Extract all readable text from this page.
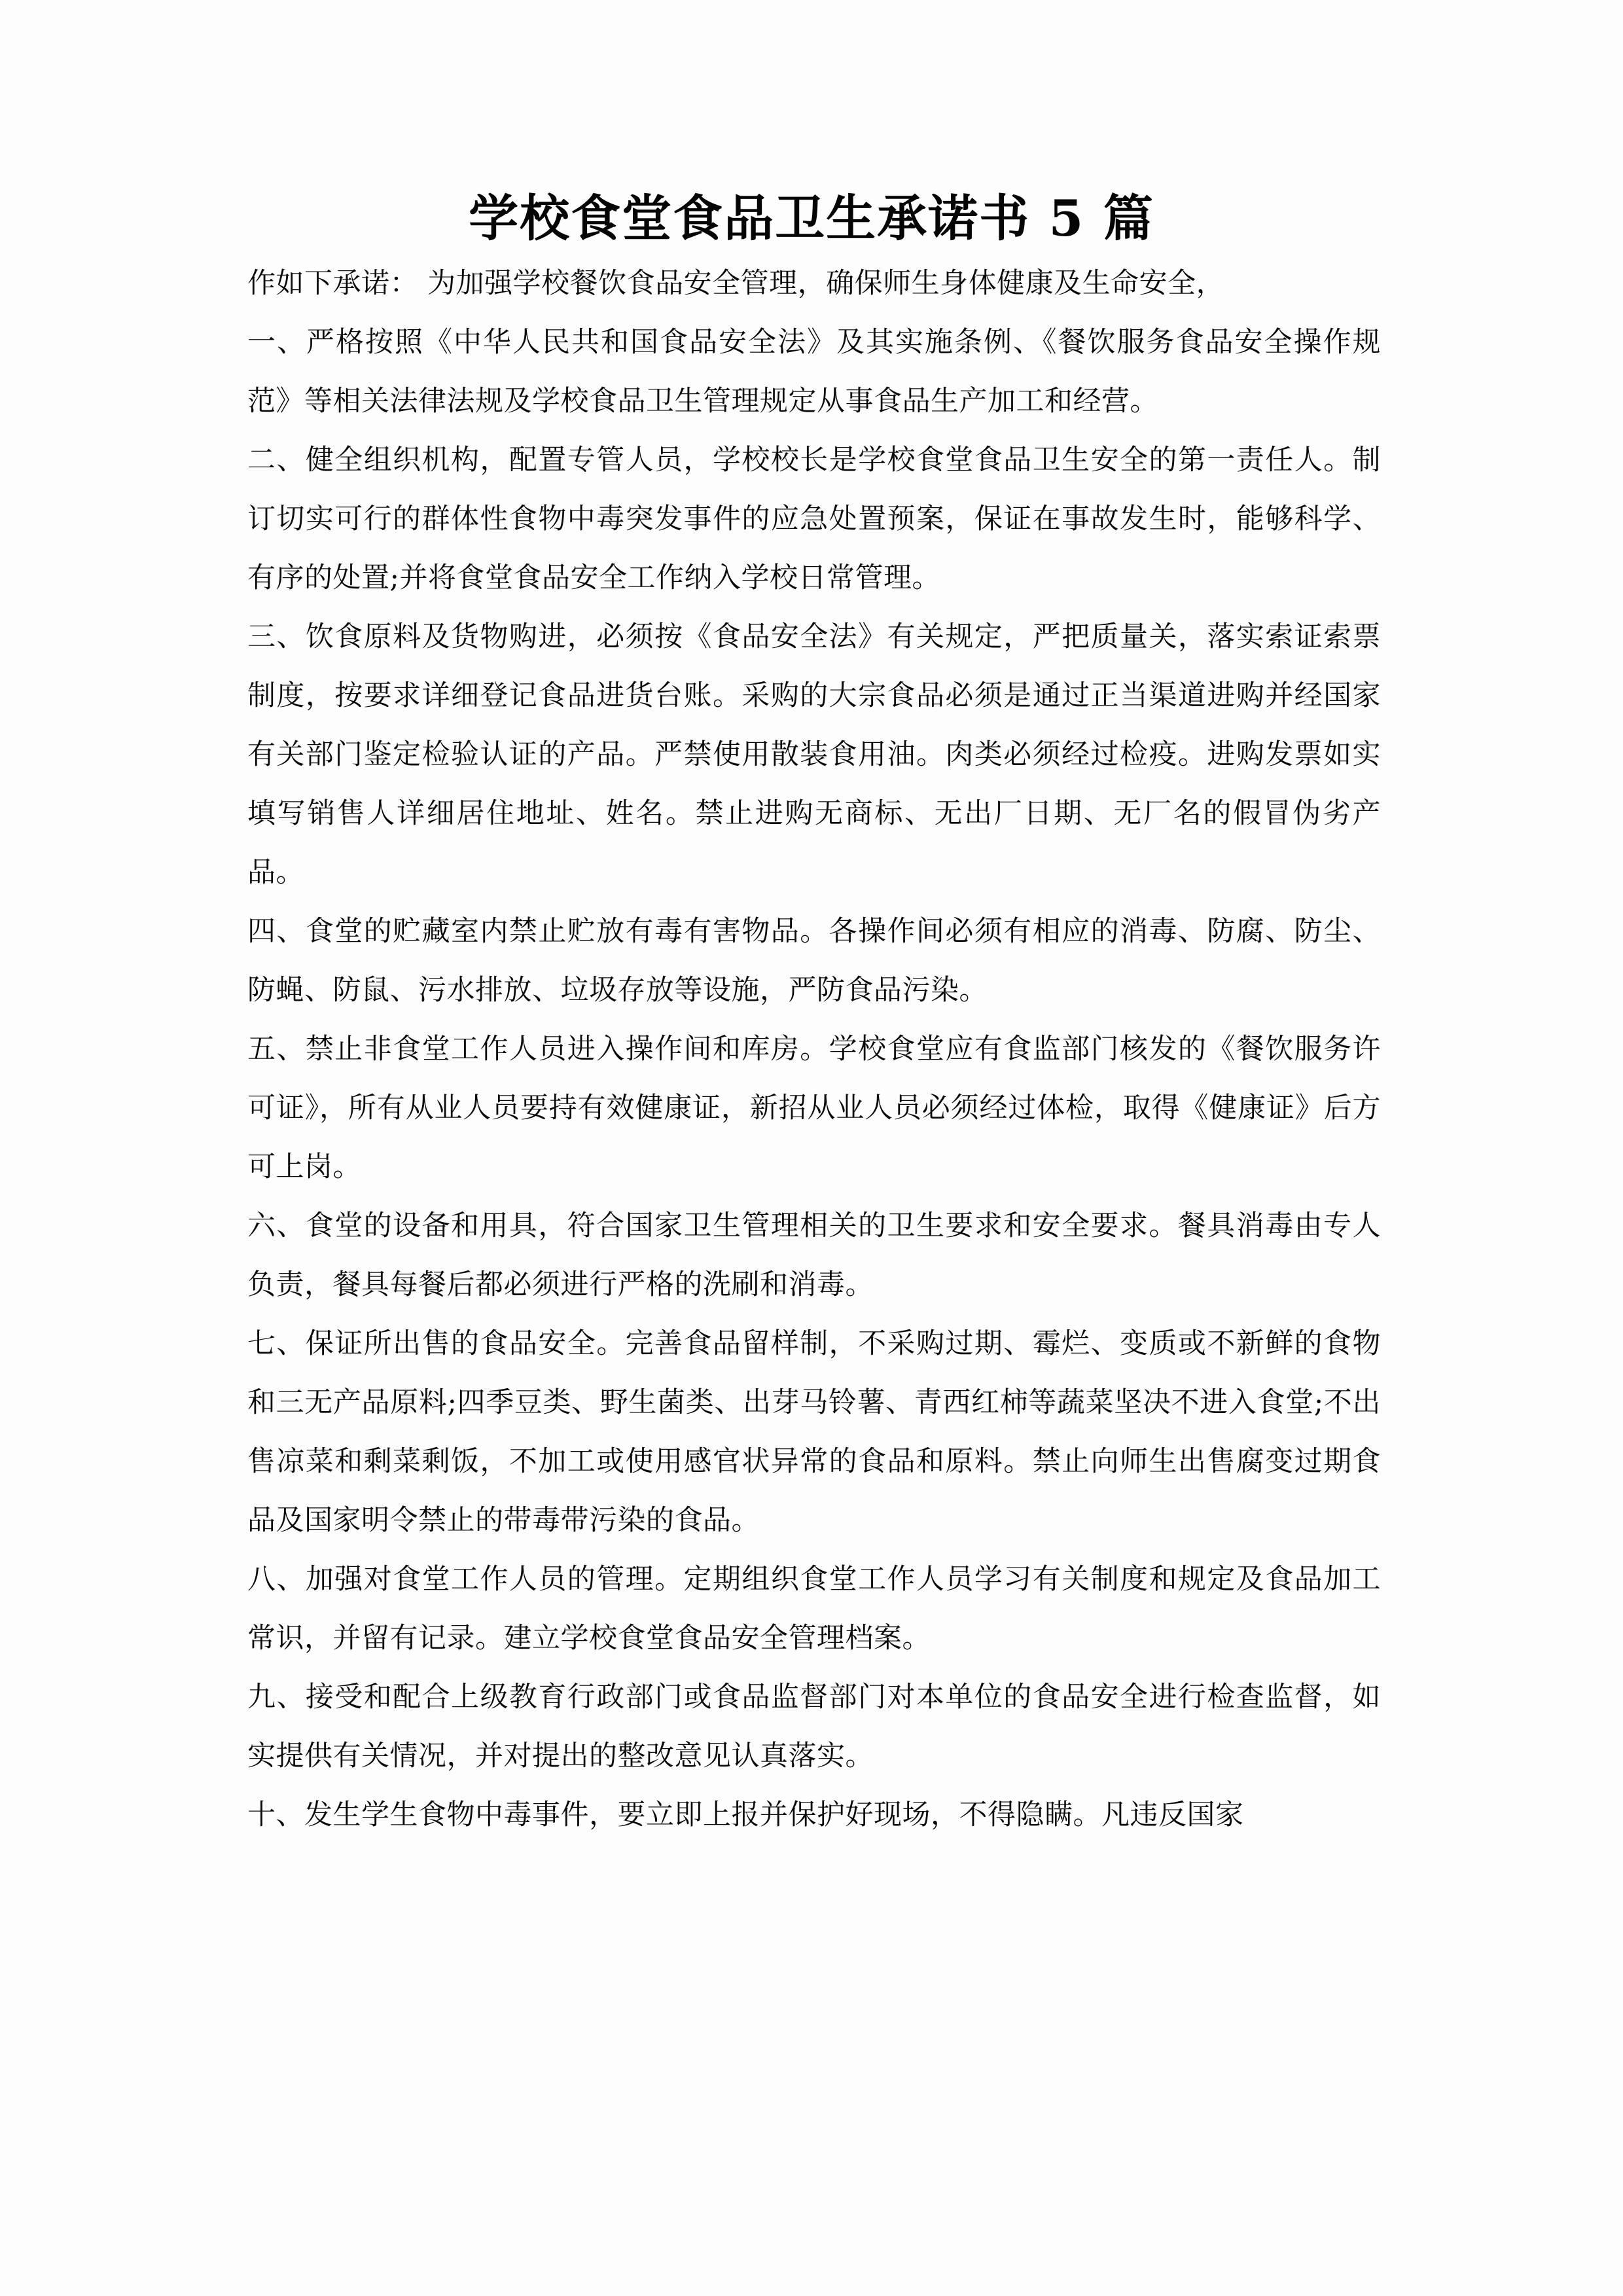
学校食堂食品卫生承诺书 5 篇

作如下承诺： 为加强学校餐饮食品安全管理，确保师生身体健康及生命安全，

一、严格按照《中华人民共和国食品安全法》及其实施条例、《餐饮服务食品安全操作规范》等相关法律法规及学校食品卫生管理规定从事食品生产加工和经营。

二、健全组织机构，配置专管人员，学校校长是学校食堂食品卫生安全的第一责任人。制订切实可行的群体性食物中毒突发事件的应急处置预案，保证在事故发生时，能够科学、有序的处置;并将食堂食品安全工作纳入学校日常管理。

三、饮食原料及货物购进，必须按《食品安全法》有关规定，严把质量关，落实索证索票制度，按要求详细登记食品进货台账。采购的大宗食品必须是通过正当渠道进购并经国家有关部门鉴定检验认证的产品。严禁使用散装食用油。肉类必须经过检疫。进购发票如实填写销售人详细居住地址、姓名。禁止进购无商标、无出厂日期、无厂名的假冒伪劣产品。

四、食堂的贮藏室内禁止贮放有毒有害物品。各操作间必须有相应的消毒、防腐、防尘、防蝇、防鼠、污水排放、垃圾存放等设施，严防食品污染。

五、禁止非食堂工作人员进入操作间和库房。学校食堂应有食监部门核发的《餐饮服务许可证》，所有从业人员要持有效健康证，新招从业人员必须经过体检，取得《健康证》后方可上岗。

六、食堂的设备和用具，符合国家卫生管理相关的卫生要求和安全要求。餐具消毒由专人负责，餐具每餐后都必须进行严格的洗刷和消毒。

七、保证所出售的食品安全。完善食品留样制，不采购过期、霉烂、变质或不新鲜的食物和三无产品原料;四季豆类、野生菌类、出芽马铃薯、青西红柿等蔬菜坚决不进入食堂;不出售凉菜和剩菜剩饭，不加工或使用感官状异常的食品和原料。禁止向师生出售腐变过期食品及国家明令禁止的带毒带污染的食品。

八、加强对食堂工作人员的管理。定期组织食堂工作人员学习有关制度和规定及食品加工常识，并留有记录。建立学校食堂食品安全管理档案。

九、接受和配合上级教育行政部门或食品监督部门对本单位的食品安全进行检查监督，如实提供有关情况，并对提出的整改意见认真落实。

十、发生学生食物中毒事件，要立即上报并保护好现场，不得隐瞒。凡违反国家
